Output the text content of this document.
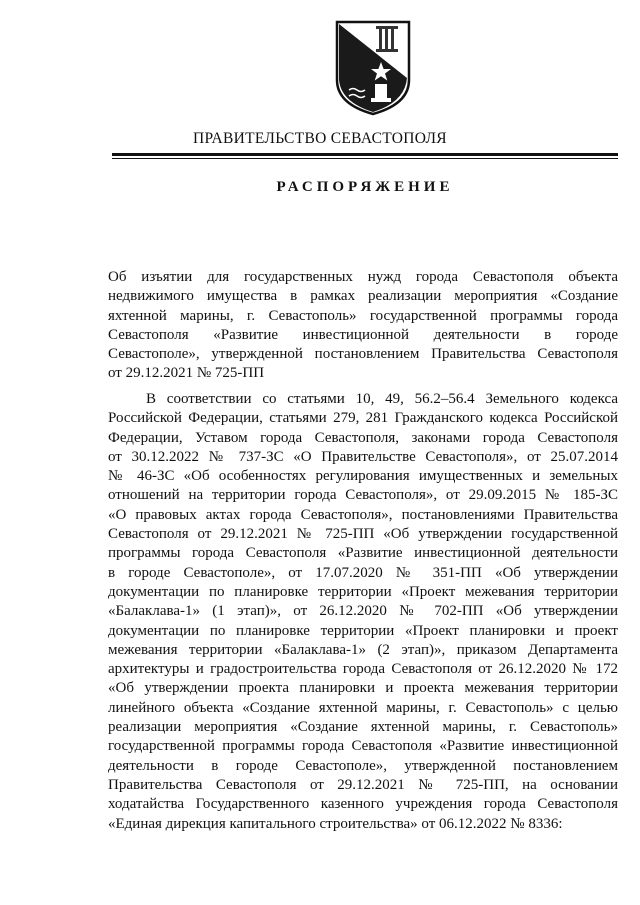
ПРАВИТЕЛЬСТВО СЕВАСТОПОЛЯ
РАСПОРЯЖЕНИЕ
Об изъятии для государственных нужд города Севастополя объекта
недвижимого имущества в рамках реализации мероприятия «Создание
яхтенной марины, г. Севастополь» государственной программы города
Севастополя «Развитие инвестиционной деятельности в городе
Севастополе», утвержденной постановлением Правительства Севастополя
от 29.12.2021 № 725-ПП
В соответствии со статьями 10, 49, 56.2–56.4 Земельного кодекса
Российской Федерации, статьями 279, 281 Гражданского кодекса Российской
Федерации, Уставом города Севастополя, законами города Севастополя
от 30.12.2022 № 737-ЗС «О Правительстве Севастополя», от 25.07.2014
№ 46-ЗС «Об особенностях регулирования имущественных и земельных
отношений на территории города Севастополя», от 29.09.2015 № 185-ЗС
«О правовых актах города Севастополя», постановлениями Правительства
Севастополя от 29.12.2021 № 725-ПП «Об утверждении государственной
программы города Севастополя «Развитие инвестиционной деятельности
в городе Севастополе», от 17.07.2020 № 351-ПП «Об утверждении
документации по планировке территории «Проект межевания территории
«Балаклава-1» (1 этап)», от 26.12.2020 № 702-ПП «Об утверждении
документации по планировке территории «Проект планировки и проект
межевания территории «Балаклава-1» (2 этап)», приказом Департамента
архитектуры и градостроительства города Севастополя от 26.12.2020 № 172
«Об утверждении проекта планировки и проекта межевания территории
линейного объекта «Создание яхтенной марины, г. Севастополь» с целью
реализации мероприятия «Создание яхтенной марины, г. Севастополь»
государственной программы города Севастополя «Развитие инвестиционной
деятельности в городе Севастополе», утвержденной постановлением
Правительства Севастополя от 29.12.2021 № 725-ПП, на основании
ходатайства Государственного казенного учреждения города Севастополя
«Единая дирекция капитального строительства» от 06.12.2022 № 8336:
